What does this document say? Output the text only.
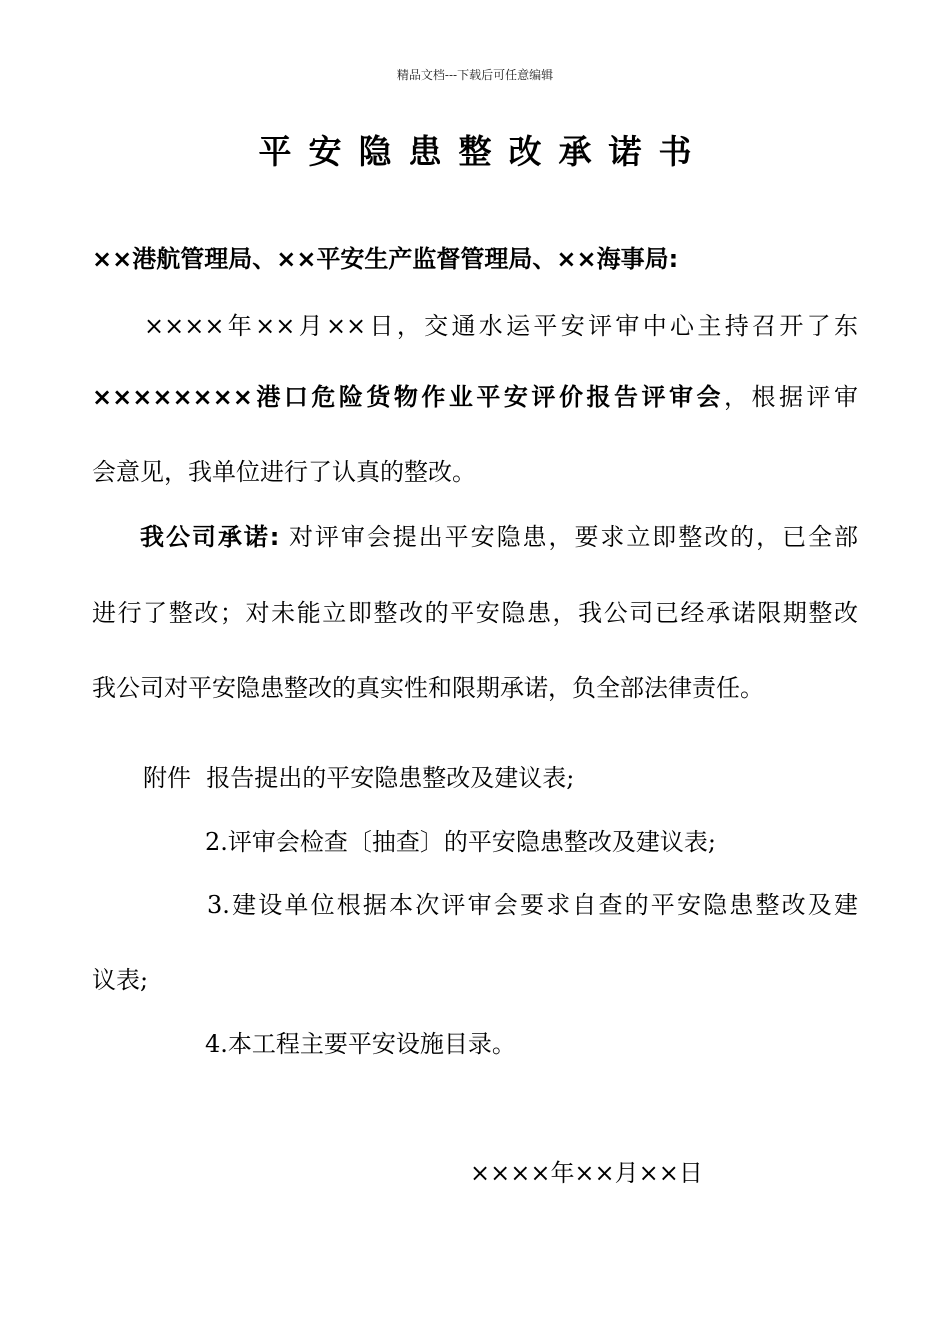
精品文档---下载后可任意编辑
平安隐患整改承诺书
××港航管理局、××平安生产监督管理局、××海事局:
××××年××月××日，交通水运平安评审中心主持召开了东
××××××××港口危险货物作业平安评价报告评审会，根据评审
会意见，我单位进行了认真的整改。
我公司承诺: 对评审会提出平安隐患，要求立即整改的，已全部
进行了整改；对未能立即整改的平安隐患，我公司已经承诺限期整改
我公司对平安隐患整改的真实性和限期承诺，负全部法律责任。
附件 报告提出的平安隐患整改及建议表;
2.评审会检查〔抽查〕的平安隐患整改及建议表;
3.建设单位根据本次评审会要求自查的平安隐患整改及建
议表;
4.本工程主要平安设施目录。
××××年××月××日
